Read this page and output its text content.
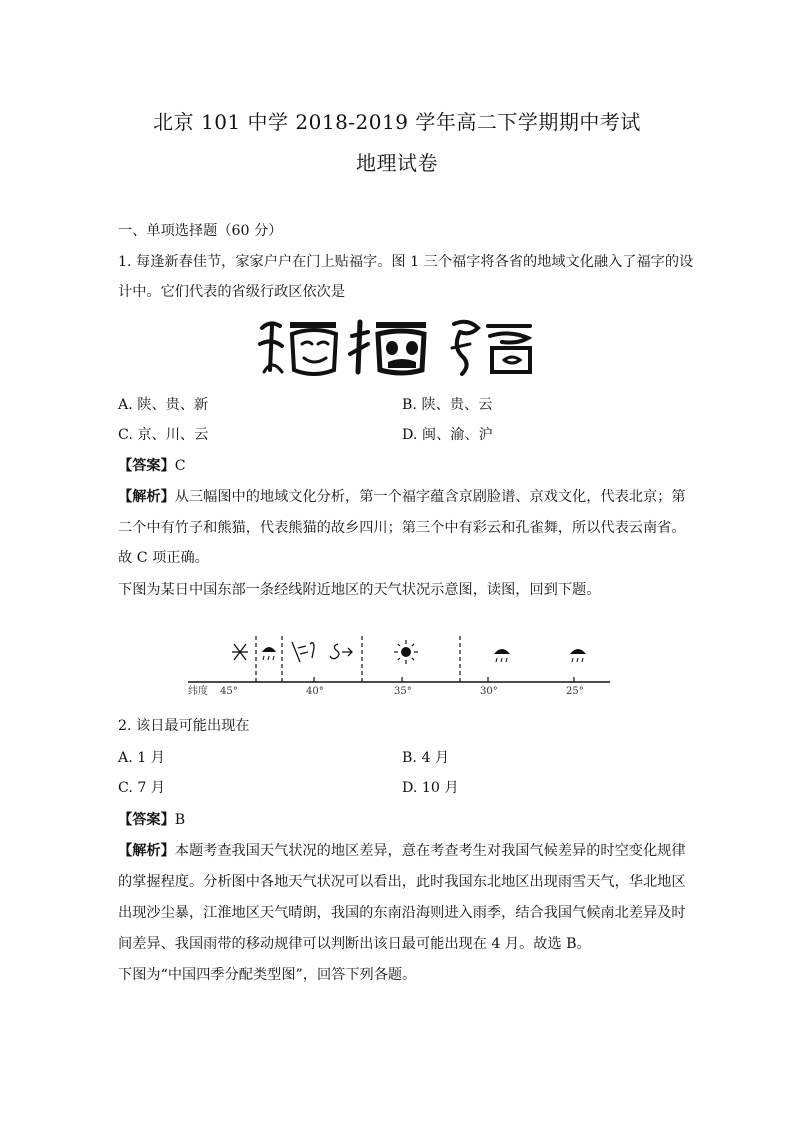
北京 101 中学 2018-2019 学年高二下学期期中考试
地理试卷
一、单项选择题（60 分）
1. 每逢新春佳节，家家户户在门上贴福字。图 1 三个福字将各省的地域文化融入了福字的设
计中。它们代表的省级行政区依次是
A. 陕、贵、新	B. 陕、贵、云
C. 京、川、云	D. 闽、渝、沪
【答案】C
【解析】从三幅图中的地域文化分析，第一个福字蕴含京剧脸谱、京戏文化，代表北京；第
二个中有竹子和熊猫，代表熊猫的故乡四川；第三个中有彩云和孔雀舞，所以代表云南省。
故 C 项正确。
下图为某日中国东部一条经线附近地区的天气状况示意图，读图，回到下题。
纬度 45°	40°	35°	30°	25°
2. 该日最可能出现在
A. 1 月	B. 4 月
C. 7 月	D. 10 月
【答案】B
【解析】本题考查我国天气状况的地区差异，意在考查考生对我国气候差异的时空变化规律
的掌握程度。分析图中各地天气状况可以看出，此时我国东北地区出现雨雪天气，华北地区
出现沙尘暴，江淮地区天气晴朗，我国的东南沿海则进入雨季，结合我国气候南北差异及时
间差异、我国雨带的移动规律可以判断出该日最可能出现在 4 月。故选 B。
下图为“中国四季分配类型图”，回答下列各题。
